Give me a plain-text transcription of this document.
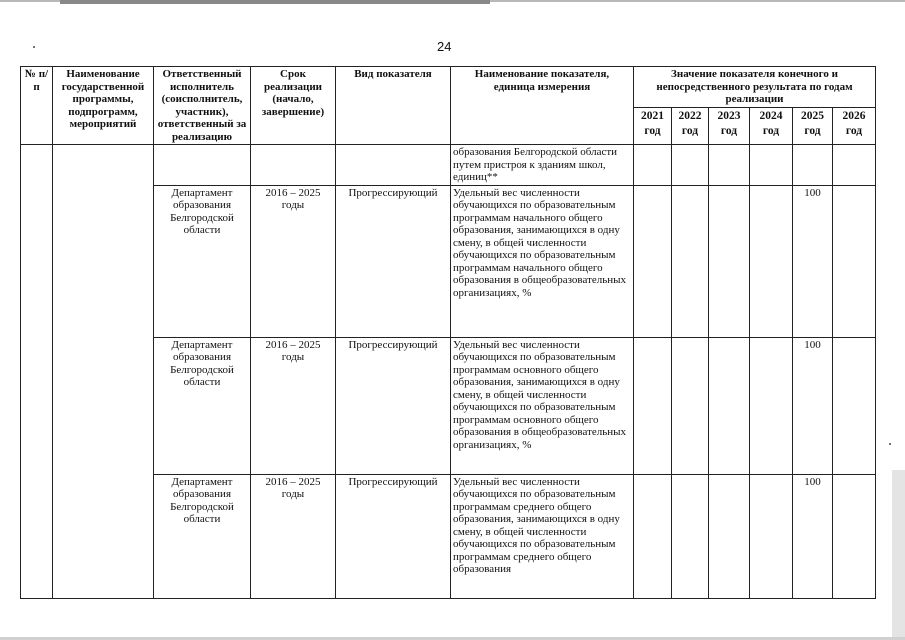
24
№ п/п	Наименование государственной программы, подпрограмм, мероприятий	Ответственный исполнитель (соисполнитель, участник), ответственный за реализацию	Срок реализации (начало, завершение)	Вид показателя	Наименование показателя, единица измерения	Значение показателя конечного и непосредственного результата по годам реализации					
						2021 год	2022 год	2023 год	2024 год	2025 год	2026 год
					образования Белгородской области путем пристроя к зданиям школ, единиц**						
		Департамент образования Белгородской области	2016 – 2025 годы	Прогрессирующий	Удельный вес численности обучающихся по образовательным программам начального общего образования, занимающихся в одну смену, в общей численности обучающихся по образовательным программам начального общего образования в общеобразовательных организациях, %					100	
		Департамент образования Белгородской области	2016 – 2025 годы	Прогрессирующий	Удельный вес численности обучающихся по образовательным программам основного общего образования, занимающихся в одну смену, в общей численности обучающихся по образовательным программам основного общего образования в общеобразовательных организациях, %					100	
		Департамент образования Белгородской области	2016 – 2025 годы	Прогрессирующий	Удельный вес численности обучающихся по образовательным программам среднего общего образования, занимающихся в одну смену, в общей численности обучающихся по образовательным программам среднего общего образования					100	
